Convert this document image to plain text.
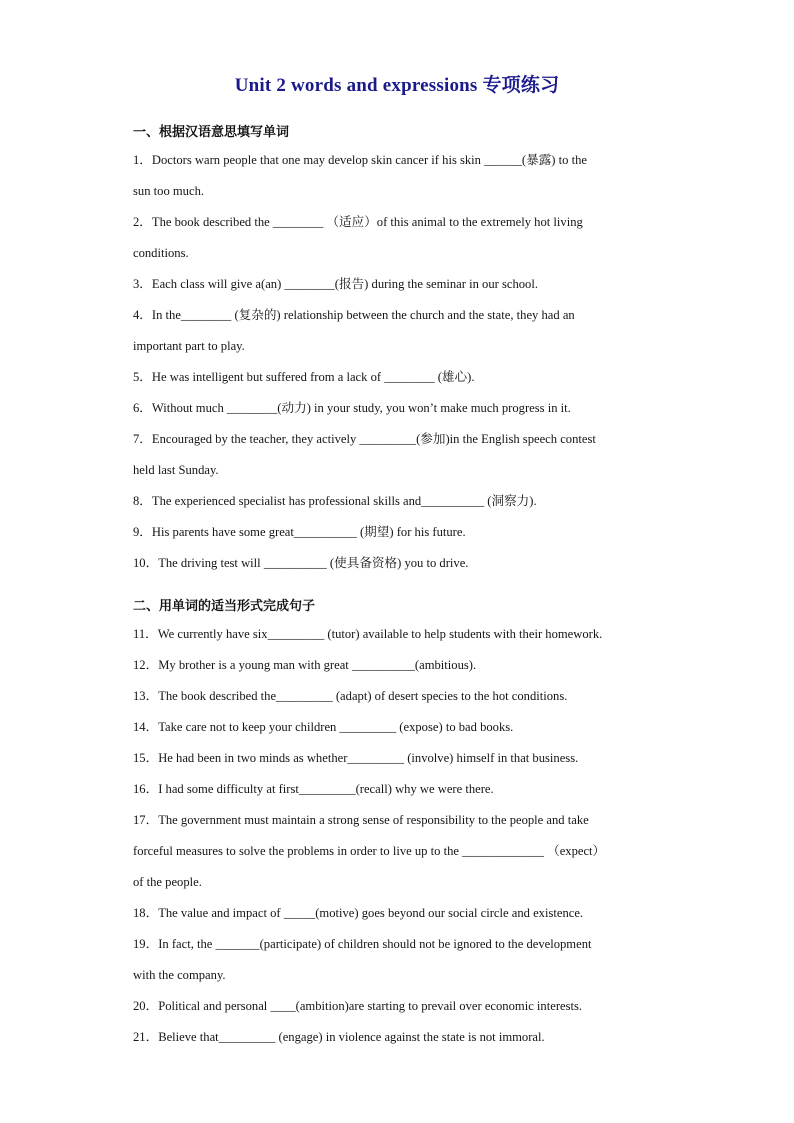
Unit 2 words and expressions 专项练习

一、根据汉语意思填写单词

1．Doctors warn people that one may develop skin cancer if his skin ______(暴露) to the

sun too much.

2．The book described the ________ （适应）of this animal to the extremely hot living

conditions.

3．Each class will give a(an) ________(报告) during the seminar in our school.

4．In the________ (复杂的) relationship between the church and the state, they had an

important part to play.

5．He was intelligent but suffered from a lack of ________ (雄心).

6．Without much ________(动力) in your study, you won’t make much progress in it.

7．Encouraged by the teacher, they actively _________(参加)in the English speech contest

held last Sunday.

8．The experienced specialist has professional skills and__________ (洞察力).

9．His parents have some great__________ (期望) for his future.

10．The driving test will __________ (使具备资格) you to drive.

二、用单词的适当形式完成句子

11．We currently have six_________ (tutor) available to help students with their homework.

12．My brother is a young man with great __________(ambitious).

13．The book described the_________ (adapt) of desert species to the hot conditions.

14．Take care not to keep your children _________ (expose) to bad books.

15．He had been in two minds as whether_________ (involve) himself in that business.

16．I had some difficulty at first_________(recall) why we were there.

17．The government must maintain a strong sense of responsibility to the people and take

forceful measures to solve the problems in order to live up to the _____________ （expect）

of the people.

18．The value and impact of _____(motive) goes beyond our social circle and existence.

19．In fact, the _______(participate) of children should not be ignored to the development

with the company.

20．Political and personal ____(ambition)are starting to prevail over economic interests.

21．Believe that_________ (engage) in violence against the state is not immoral.
